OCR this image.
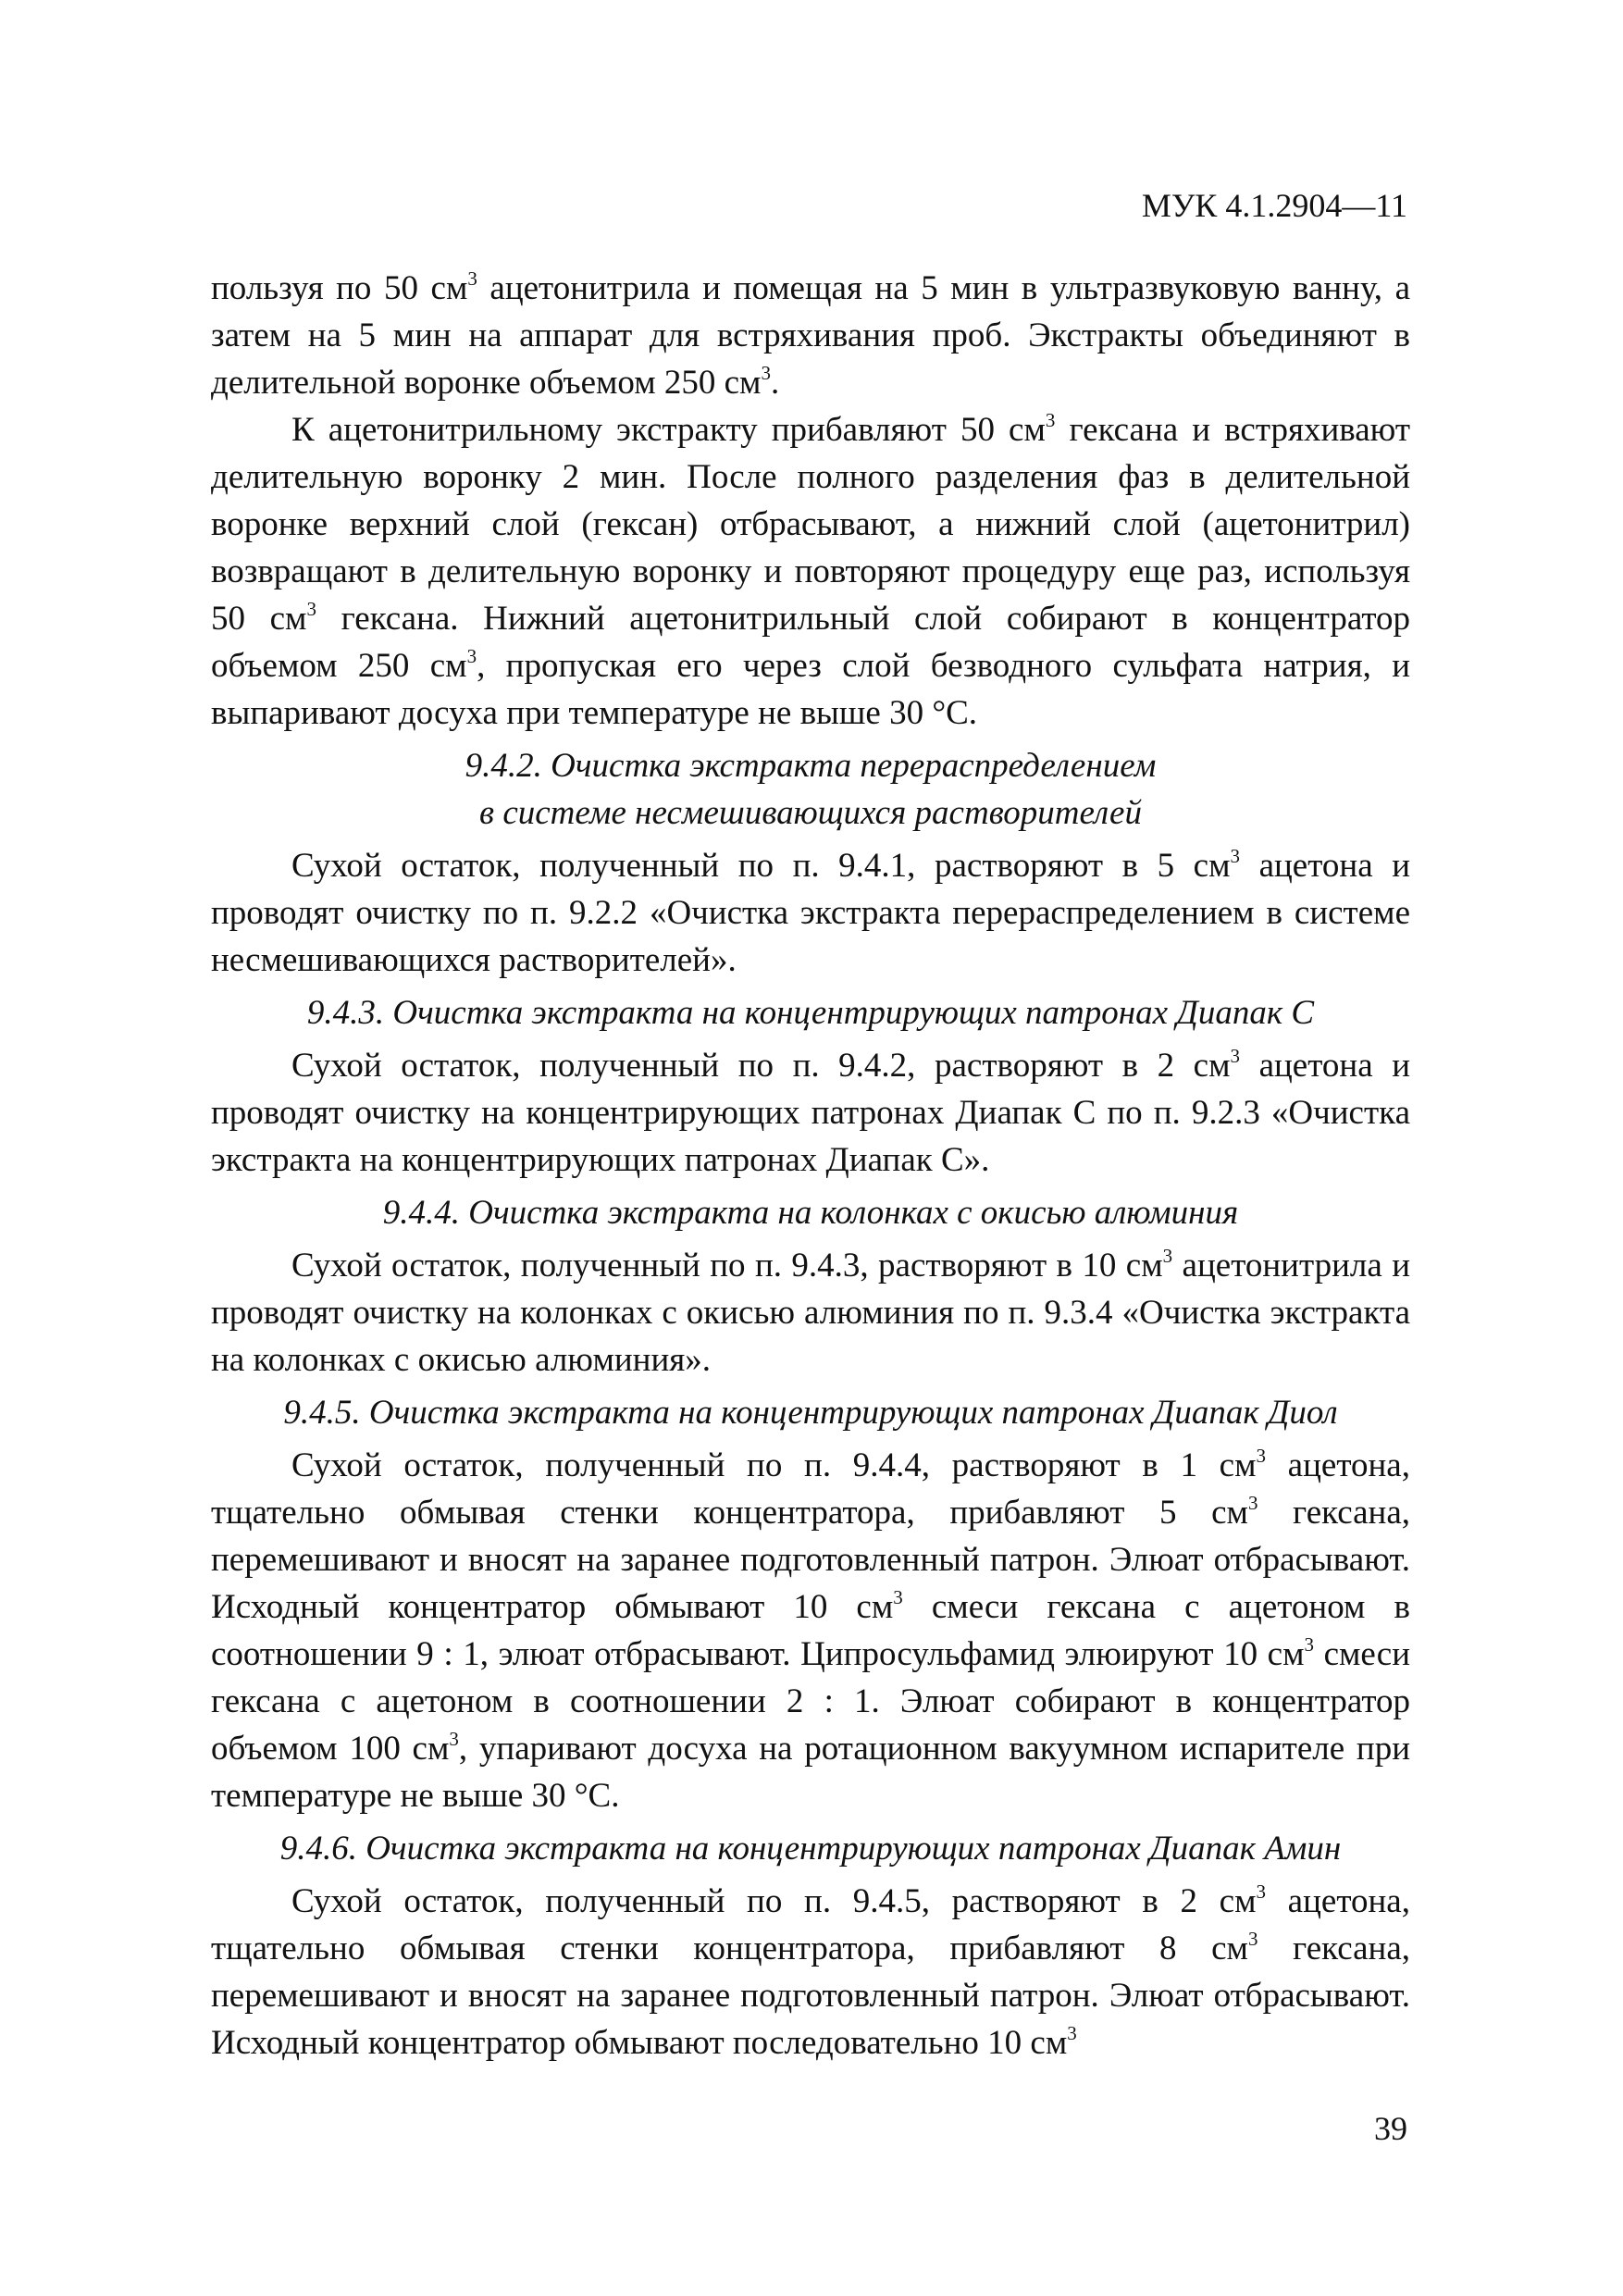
МУК 4.1.2904—11

пользуя по 50 $см^3$ ацетонитрила и помещая на 5 мин в ультразвуковую ванну, а затем на 5 мин на аппарат для встряхивания проб. Экстракты объединяют в делительной воронке объемом 250 $см^3$.

К ацетонитрильному экстракту прибавляют 50 $см^3$ гексана и встряхивают делительную воронку 2 мин. После полного разделения фаз в делительной воронке верхний слой (гексан) отбрасывают, а нижний слой (ацетонитрил) возвращают в делительную воронку и повторяют процедуру еще раз, используя 50 $см^3$ гексана. Нижний ацетонитрильный слой собирают в концентратор объемом 250 $см^3$, пропуская его через слой безводного сульфата натрия, и выпаривают досуха при температуре не выше 30 °С.

9.4.2. Очистка экстракта перераспределением
в системе несмешивающихся растворителей

Сухой остаток, полученный по п. 9.4.1, растворяют в 5 $см^3$ ацетона и проводят очистку по п. 9.2.2 «Очистка экстракта перераспределением в системе несмешивающихся растворителей».

9.4.3. Очистка экстракта на концентрирующих патронах Диапак С

Сухой остаток, полученный по п. 9.4.2, растворяют в 2 $см^3$ ацетона и проводят очистку на концентрирующих патронах Диапак С по п. 9.2.3 «Очистка экстракта на концентрирующих патронах Диапак С».

9.4.4. Очистка экстракта на колонках с окисью алюминия

Сухой остаток, полученный по п. 9.4.3, растворяют в 10 $см^3$ ацетонитрила и проводят очистку на колонках с окисью алюминия по п. 9.3.4 «Очистка экстракта на колонках с окисью алюминия».

9.4.5. Очистка экстракта на концентрирующих патронах Диапак Диол

Сухой остаток, полученный по п. 9.4.4, растворяют в 1 $см^3$ ацетона, тщательно обмывая стенки концентратора, прибавляют 5 $см^3$ гексана, перемешивают и вносят на заранее подготовленный патрон. Элюат отбрасывают. Исходный концентратор обмывают 10 $см^3$ смеси гексана с ацетоном в соотношении 9 : 1, элюат отбрасывают. Ципросульфамид элюируют 10 $см^3$ смеси гексана с ацетоном в соотношении 2 : 1. Элюат собирают в концентратор объемом 100 $см^3$, упаривают досуха на ротационном вакуумном испарителе при температуре не выше 30 °С.

9.4.6. Очистка экстракта на концентрирующих патронах Диапак Амин

Сухой остаток, полученный по п. 9.4.5, растворяют в 2 $см^3$ ацетона, тщательно обмывая стенки концентратора, прибавляют 8 $см^3$ гексана, перемешивают и вносят на заранее подготовленный патрон. Элюат отбрасывают. Исходный концентратор обмывают последовательно 10 $см^3$

39
